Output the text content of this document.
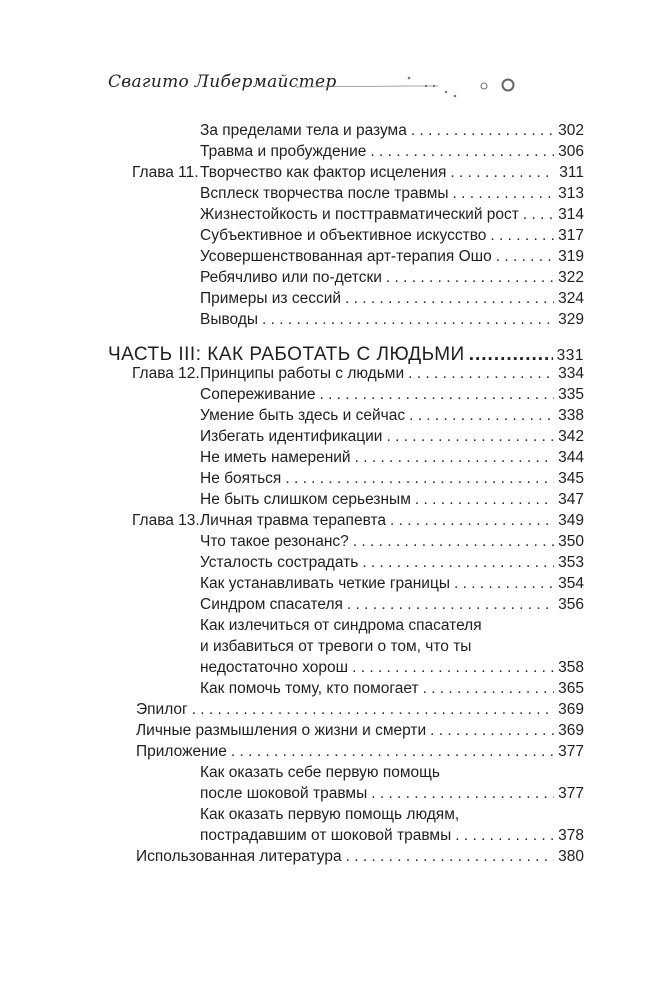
Свагито Либермайстер
За пределами тела и разума . . .	302
Травма и пробуждение . . .	306
Глава 11. Творчество как фактор исцеления . . .	311
Всплеск творчества после травмы . . .	313
Жизнестойкость и посттравматический рост . . .	314
Субъективное и объективное искусство . . .	317
Усовершенствованная арт-терапия Ошо . . .	319
Ребячливо или по-детски . . .	322
Примеры из сессий . . .	324
Выводы . . .	329
ЧАСТЬ III: КАК РАБОТАТЬ С ЛЮДЬМИ .....	331
Глава 12. Принципы работы с людьми . . .	334
Сопереживание . . .	335
Умение быть здесь и сейчас . . .	338
Избегать идентификации . . .	342
Не иметь намерений . . .	344
Не бояться . . .	345
Не быть слишком серьезным . . .	347
Глава 13. Личная травма терапевта . . .	349
Что такое резонанс? . . .	350
Усталость сострадать . . .	353
Как устанавливать четкие границы . . .	354
Синдром спасателя . . .	356
Как излечиться от синдрома спасателя
и избавиться от тревоги о том, что ты
недостаточно хорош . . .	358
Как помочь тому, кто помогает . . .	365
Эпилог . . .	369
Личные размышления о жизни и смерти . . .	369
Приложение . . .	377
Как оказать себе первую помощь
после шоковой травмы . . .	377
Как оказать первую помощь людям,
пострадавшим от шоковой травмы . . .	378
Использованная литература . . .	380
